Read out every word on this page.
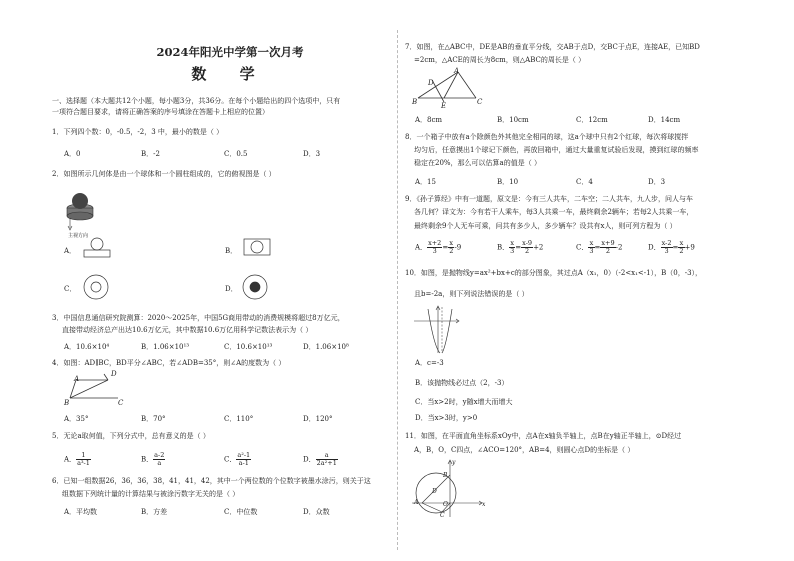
2024年阳光中学第一次月考
数 学
一、选择题（本大题共12个小题，每小题3分，共36分。在每个小题给出的四个选项中，只有
一项符合题目要求，请将正确答案的序号填涂在答题卡上相应的位置）
1．下列四个数：0，-0.5，-2，3 中，最小的数是（ ）
A．0	B．-2	C．0.5	D．3
2．如图所示几何体是由一个球体和一个圆柱组成的，它的俯视图是（ ）
主视方向
A．	B．
C．	D．
3．中国信息通信研究院测算：2020～2025年，中国5G商用带动的消费规模将超过8万亿元，
直接带动经济总产出达10.6万亿元，其中数据10.6万亿用科学记数法表示为（ ）
A．10.6×10⁴	B．1.06×10¹³	C．10.6×10¹³	D．1.06×10⁸
4．如图：AD∥BC，BD平分∠ABC，若∠ADB=35°，则∠A的度数为（ ）
A
D
B	C
A．35°	B．70°	C．110°	D．120°
5．无论a取何值，下列分式中，总有意义的是（ ）
A． $\frac{1}{\text{a³-1}}$	B． $\frac{a-2}{a}$	C． $\frac{\text{a²-1}}{a-1}$	D． $\frac{a}{\text{2a²+1}}$
6．已知一组数据26，36，36，38，41，41，42，其中一个两位数的个位数字被墨水涂污，则关于这
组数据下列统计量的计算结果与被涂污数字无关的是（ ）
A．平均数	B．方差	C．中位数	D．众数
7．如图，在△ABC中，DE是AB的垂直平分线，交AB于点D，交BC于点E，连接AE，已知BD
=2cm，△ACE的周长为8cm，则△ABC的周长是（ ）
A
D
B	E	C
A．8cm	B．10cm	C．12cm	D．14cm
8．一个箱子中放有a个除颜色外其他完全相同的球，这a个球中只有2个红球，每次将球搅拌
均匀后，任意摸出1个球记下颜色，再放回箱中，通过大量重复试验后发现，摸到红球的频率
稳定在20%，那么可以估算a的值是（ ）
A．15	B．10	C．4	D．3
9．《孙子算经》中有一道题，原文是：今有三人共车，二车空；二人共车，九人步，问人与车
各几何？译文为：今有若干人乘车，每3人共乘一车，最终剩余2辆车；若每2人共乘一车，
最终剩余9个人无车可乘，问共有多少人，多少辆车？设共有x人，则可列方程为（ ）
A． $\frac{x+2}{3} = \frac{x}{2} -9$	B． $\frac{x}{3} = \frac{x-9}{2} +2$	C． $\frac{x}{3} = \frac{x+9}{2} -2$	D． $\frac{x-2}{3} = \frac{x}{2} +9$
10．如图，是抛物线y=ax²+bx+c的部分图象，其过点A（x₁，0）（-2<x₁<-1），B（0，-3），
且b=-2a，则下列说法错误的是（ ）
A．c=-3
B．该抛物线必过点（2，-3）
C．当x>2时，y随x增大而增大
D．当x>3时，y>0
11．如图，在平面直角坐标系xOy中，点A在x轴负半轴上，点B在y轴正半轴上，⊙D经过
A，B，O，C四点，∠ACO=120°，AB=4，则圆心点D的坐标是（ ）
y
B
D
A	O
C
x
